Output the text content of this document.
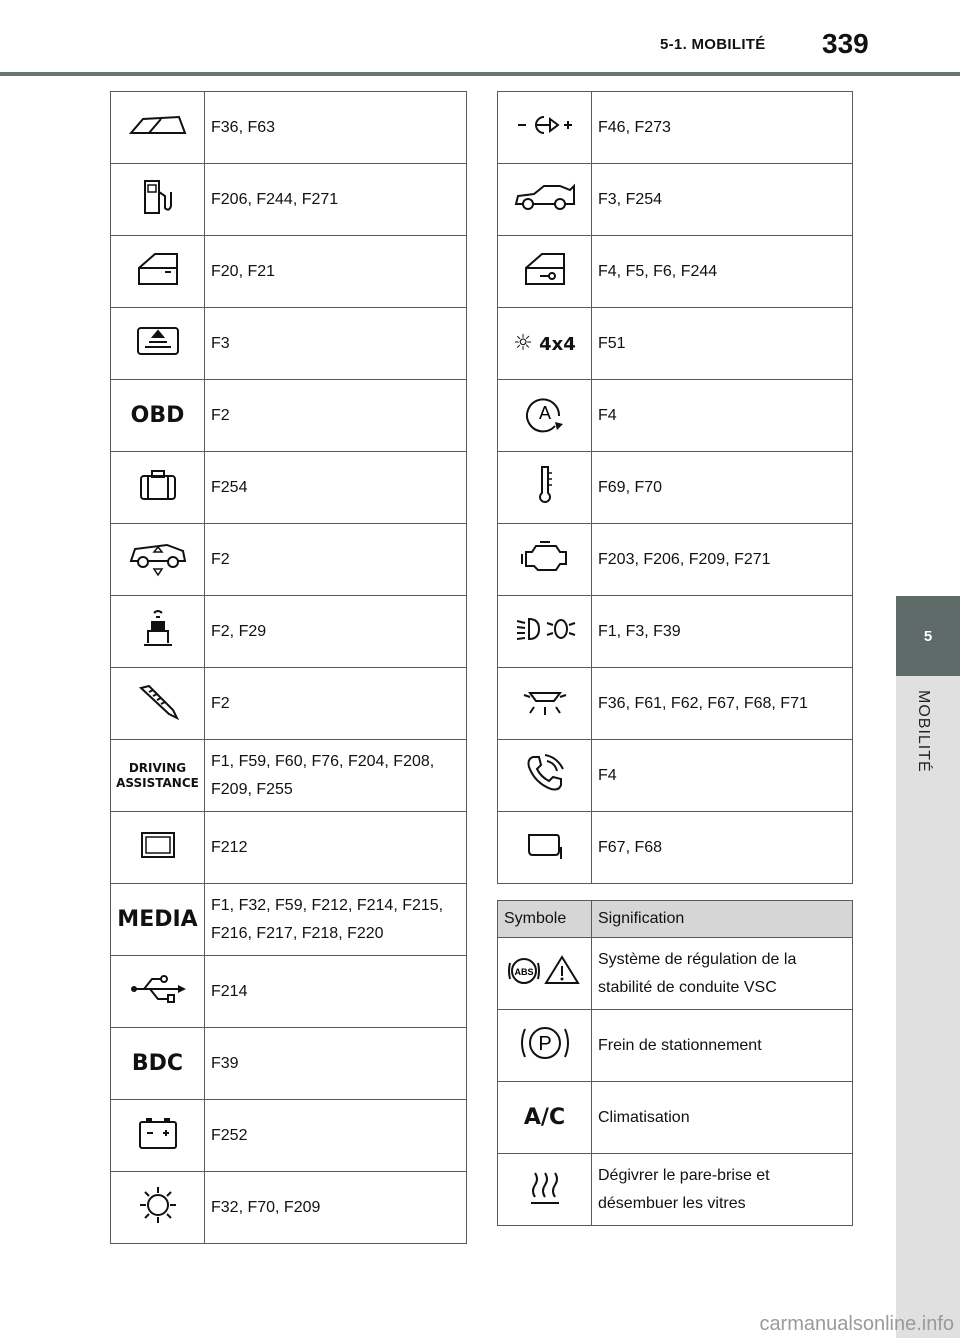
5-1. MOBILITÉ 339
5
MOBILITÉ
	F36, F63
	F206, F244, F271
	F20, F21
	F3
OBD	F2
	F254
	F2
	F2, F29
	F2
DRIVING
ASSISTANCE	F1, F59, F60, F76, F204, F208, F209, F255
	F212
MEDIA	F1, F32, F59, F212, F214, F215, F216, F217, F218, F220
	F214
BDC	F39
	F252
	F32, F70, F209
	F46, F273
	F3, F254
	F4, F5, F6, F244
☼ 4x4	F51

A	F4
	F69, F70
	F203, F206, F209, F271
	F1, F3, F39
	F36, F61, F62, F67, F68, F71
	F4
	F67, F68
Symbole	Signification

ABS	Système de régulation de la stabilité de conduite VSC

P	Frein de stationnement
A/C	Climatisation
	Dégivrer le pare-brise et désembuer les vitres
carmanualsonline.info
